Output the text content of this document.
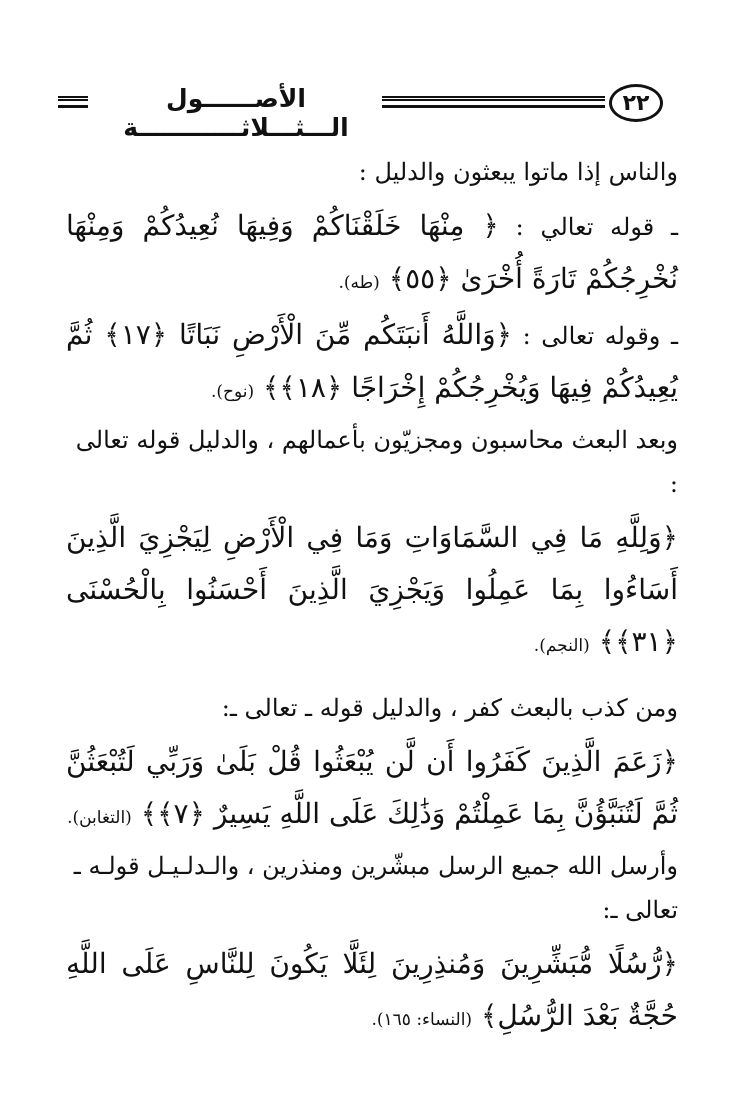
الأصــــــول الـــثـــلاثــــــــــــة
٢٢

والناس إذا ماتوا يبعثون والدليل :

ـ قوله تعالي : ﴿ مِنْهَا خَلَقْنَاكُمْ وَفِيهَا نُعِيدُكُمْ وَمِنْهَا نُخْرِجُكُمْ تَارَةً أُخْرَىٰ ﴿٥٥﴾ (طه).

ـ وقوله تعالى : ﴿وَاللَّهُ أَنبَتَكُم مِّنَ الْأَرْضِ نَبَاتًا ﴿١٧﴾ ثُمَّ يُعِيدُكُمْ فِيهَا وَيُخْرِجُكُمْ إِخْرَاجًا ﴿١٨﴾﴾ (نوح).

وبعد البعث محاسبون ومجزيّون بأعمالهم ، والدليل قوله تعالى :

﴿وَلِلَّهِ مَا فِي السَّمَاوَاتِ وَمَا فِي الْأَرْضِ لِيَجْزِيَ الَّذِينَ أَسَاءُوا بِمَا عَمِلُوا وَيَجْزِيَ الَّذِينَ أَحْسَنُوا بِالْحُسْنَى ﴿٣١﴾﴾ (النجم).

ومن كذب بالبعث كفر ، والدليل قوله ـ تعالى ـ:

﴿زَعَمَ الَّذِينَ كَفَرُوا أَن لَّن يُبْعَثُوا قُلْ بَلَىٰ وَرَبِّي لَتُبْعَثُنَّ ثُمَّ لَتُنَبَّؤُنَّ بِمَا عَمِلْتُمْ وَذَٰلِكَ عَلَى اللَّهِ يَسِيرٌ ﴿٧﴾﴾ (التغابن).

وأرسل الله جميع الرسل مبشّرين ومنذرين ، والـدلـيـل قولـه ـ تعالى ـ:

﴿رُّسُلًا مُّبَشِّرِينَ وَمُنذِرِينَ لِئَلَّا يَكُونَ لِلنَّاسِ عَلَى اللَّهِ حُجَّةٌ بَعْدَ الرُّسُلِ﴾ (النساء: ١٦٥).
